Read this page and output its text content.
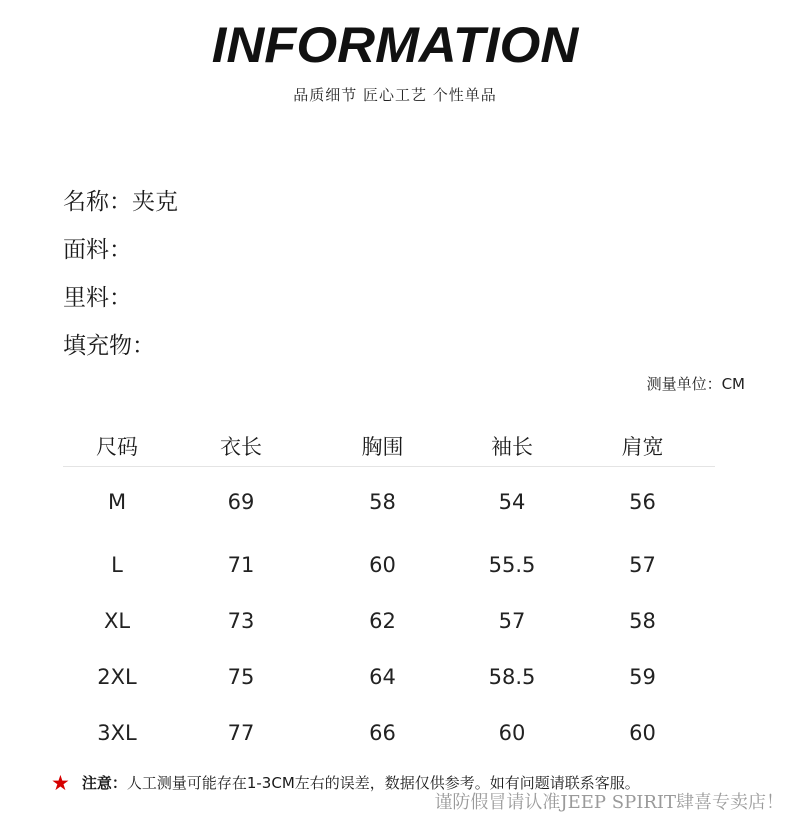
INFORMATION
品质细节 匠心工艺 个性单品
名称：夹克
面料：
里料：
填充物：
测量单位：CM
尺码	衣长	胸围	袖长	肩宽
M	69	58	54	56
L	71	60	55.5	57
XL	73	62	57	58
2XL	75	64	58.5	59
3XL	77	66	60	60
★ 注意：人工测量可能存在1-3CM左右的误差，数据仅供参考。如有问题请联系客服。
谨防假冒请认准JEEP SPIRIT肆喜专卖店！
